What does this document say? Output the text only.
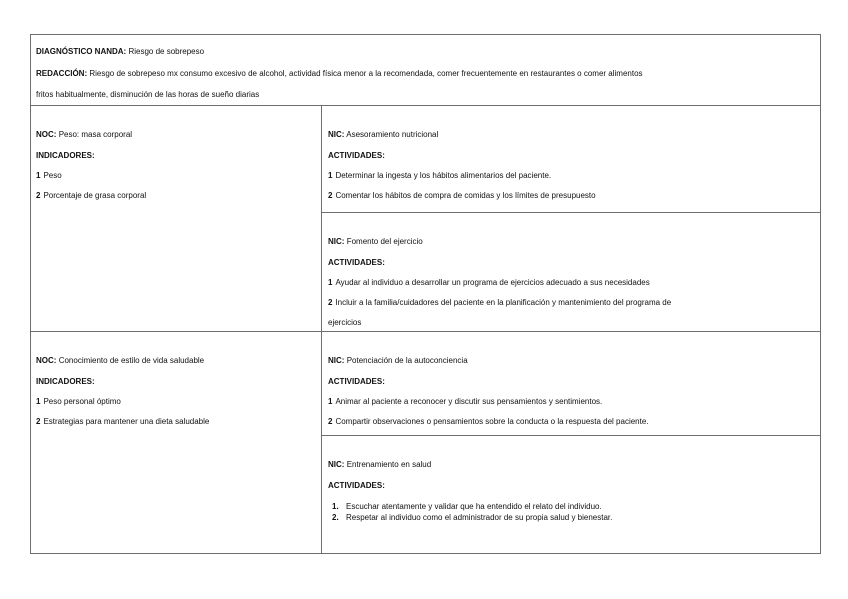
DIAGNÓSTICO NANDA: Riesgo de sobrepeso
REDACCIÓN: Riesgo de sobrepeso mx consumo excesivo de alcohol, actividad física menor a la recomendada, comer frecuentemente en restaurantes o comer alimentos
fritos habitualmente, disminución de las horas de sueño diarias
NOC: Peso: masa corporal
INDICADORES:
1 Peso
2 Porcentaje de grasa corporal
NIC: Asesoramiento nutricional
ACTIVIDADES:
1 Determinar la ingesta y los hábitos alimentarios del paciente.
2 Comentar los hábitos de compra de comidas y los límites de presupuesto
NIC: Fomento del ejercicio
ACTIVIDADES:
1 Ayudar al individuo a desarrollar un programa de ejercicios adecuado a sus necesidades
2 Incluir a la familia/cuidadores del paciente en la planificación y mantenimiento del programa de
ejercicios
NOC: Conocimiento de estilo de vida saludable
INDICADORES:
1 Peso personal óptimo
2 Estrategias para mantener una dieta saludable
NIC: Potenciación de la autoconciencia
ACTIVIDADES:
1 Animar al paciente a reconocer y discutir sus pensamientos y sentimientos.
2 Compartir observaciones o pensamientos sobre la conducta o la respuesta del paciente.
NIC: Entrenamiento en salud
ACTIVIDADES:
1. Escuchar atentamente y validar que ha entendido el relato del individuo.
2. Respetar al individuo como el administrador de su propia salud y bienestar.
